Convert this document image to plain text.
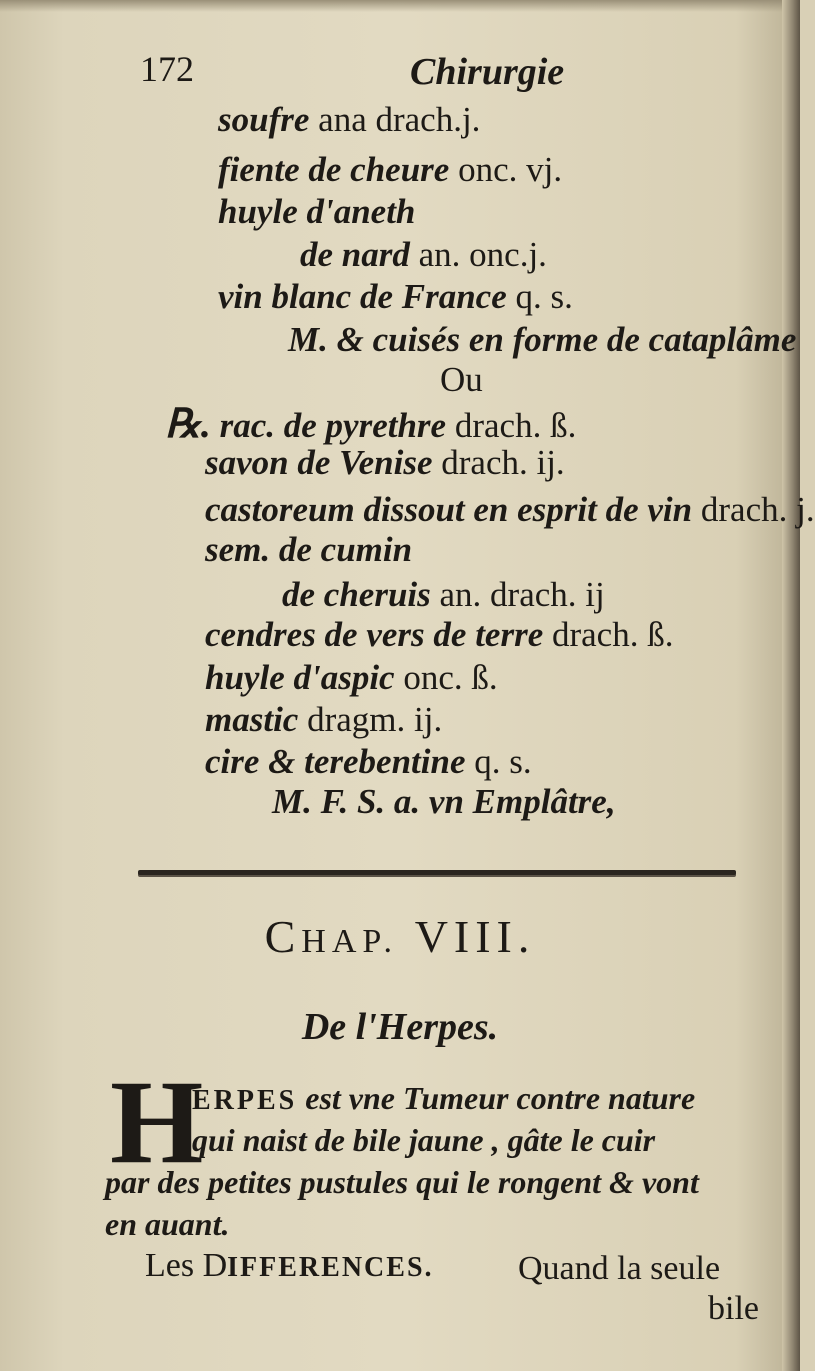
172	Chirurgie
soufre ana drach.j.
fiente de cheure onc. vj.
huyle d'aneth
de nard an. onc.j.
vin blanc de France q. s.
M. & cuisés en forme de cataplâme
Ou
℞. rac. de pyrethre drach. ß.
savon de Venise drach. ij.
castoreum dissout en esprit de vin drach. j.
sem. de cumin
de cheruis an. drach. ij
cendres de vers de terre drach. ß.
huyle d'aspic onc. ß.
mastic dragm. ij.
cire & terebentine q. s.
M. F. S. a. vn Emplâtre,
CHAP. VIII.
De l'Herpes.
H
ERPES est vne Tumeur contre nature
qui naist de bile jaune , gâte le cuir
par des petites pustules qui le rongent & vont
en auant.
Les DIFFERENCES. Quand la seule
bile
